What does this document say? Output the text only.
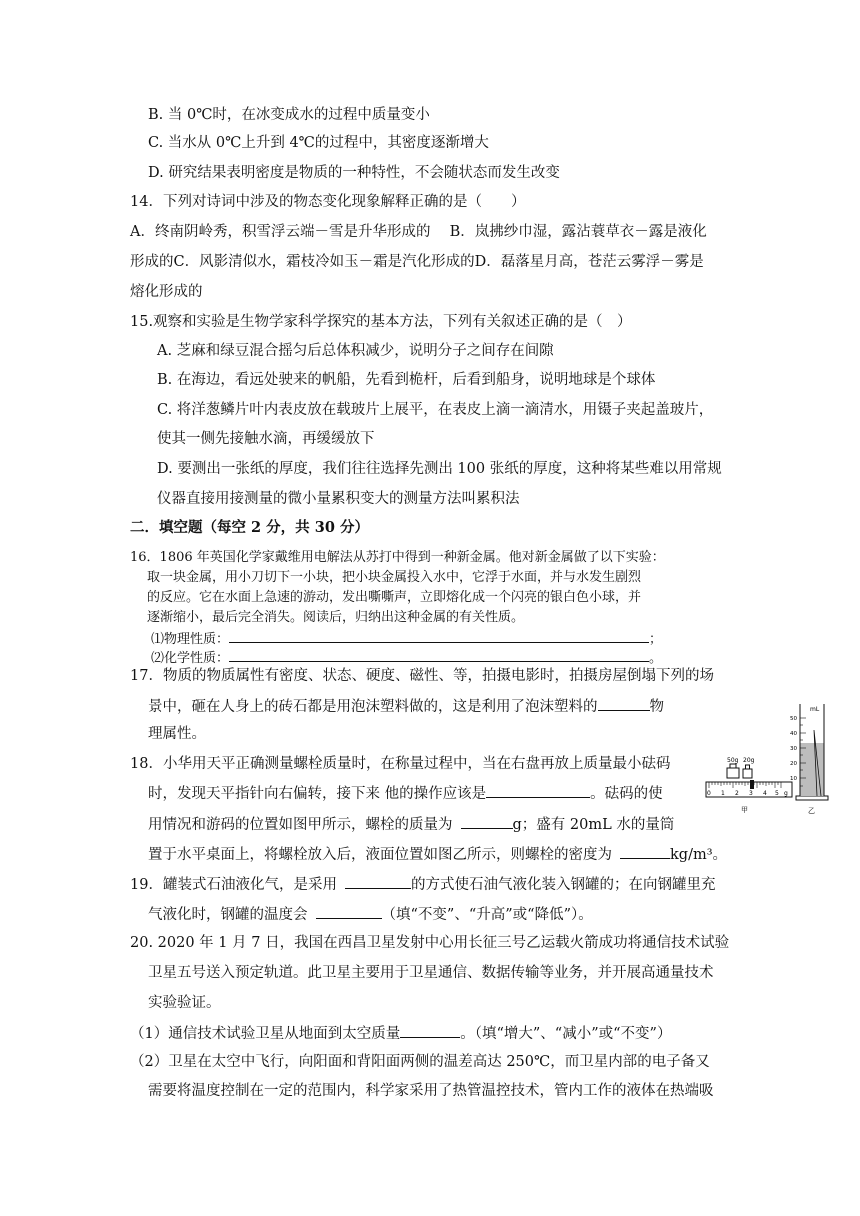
B. 当 0℃时，在冰变成水的过程中质量变小
C. 当水从 0℃上升到 4℃的过程中，其密度逐渐增大
D. 研究结果表明密度是物质的一种特性，不会随状态而发生改变
14．下列对诗词中涉及的物态变化现象解释正确的是（　　）
A．终南阴岭秀，积雪浮云端－雪是升华形成的　 B．岚拂纱巾湿，露沾蓑草衣－露是液化
形成的C．风影清似水，霜枝冷如玉－霜是汽化形成的D．磊落星月高，苍茫云雾浮－雾是
熔化形成的
15.观察和实验是生物学家科学探究的基本方法，下列有关叙述正确的是（　）
A. 芝麻和绿豆混合摇匀后总体积减少，说明分子之间存在间隙
B. 在海边，看远处驶来的帆船，先看到桅杆，后看到船身，说明地球是个球体
C. 将洋葱鳞片叶内表皮放在载玻片上展平，在表皮上滴一滴清水，用镊子夹起盖玻片，
使其一侧先接触水滴，再缓缓放下
D. 要测出一张纸的厚度，我们往往选择先测出 100 张纸的厚度，这种将某些难以用常规
仪器直接用接测量的微小量累积变大的测量方法叫累积法
二．填空题（每空 2 分，共 30 分）
16．1806 年英国化学家戴维用电解法从苏打中得到一种新金属。他对新金属做了以下实验：
取一块金属，用小刀切下一小块，把小块金属投入水中，它浮于水面，并与水发生剧烈
的反应。它在水面上急速的游动，发出嘶嘶声，立即熔化成一个闪亮的银白色小球，并
逐渐缩小，最后完全消失。阅读后，归纳出这种金属的有关性质。
⑴物理性质：	；
⑵化学性质：	。
17．物质的物质属性有密度、状态、硬度、磁性、等，拍摄电影时，拍摄房屋倒塌下列的场
景中，砸在人身上的砖石都是用泡沫塑料做的，这是利用了泡沫塑料的	物
理属性。
18．小华用天平正确测量螺栓质量时，在称量过程中，当在右盘再放上质量最小砝码
时，发现天平指针向右偏转，接下来 他的操作应该是	。砝码的使
用情况和游码的位置如图甲所示，螺栓的质量为	g；盛有 20mL 水的量筒
置于水平桌面上，将螺栓放入后，液面位置如图乙所示，则螺栓的密度为	kg/m³。
50g 20g
0 1 2 3 4 5 g
甲
mL
50
40
30
20
10
乙
19．罐装式石油液化气，是采用	的方式使石油气液化装入钢罐的；在向钢罐里充
气液化时，钢罐的温度会	（填“不变”、“升高”或“降低”）。
20. 2020 年 1 月 7 日，我国在西昌卫星发射中心用长征三号乙运载火箭成功将通信技术试验
卫星五号送入预定轨道。此卫星主要用于卫星通信、数据传输等业务，并开展高通量技术
实验验证。
（1）通信技术试验卫星从地面到太空质量	。（填“增大”、“减小”或“不变”）
（2）卫星在太空中飞行，向阳面和背阳面两侧的温差高达 250℃，而卫星内部的电子备又
需要将温度控制在一定的范围内，科学家采用了热管温控技术，管内工作的液体在热端吸
